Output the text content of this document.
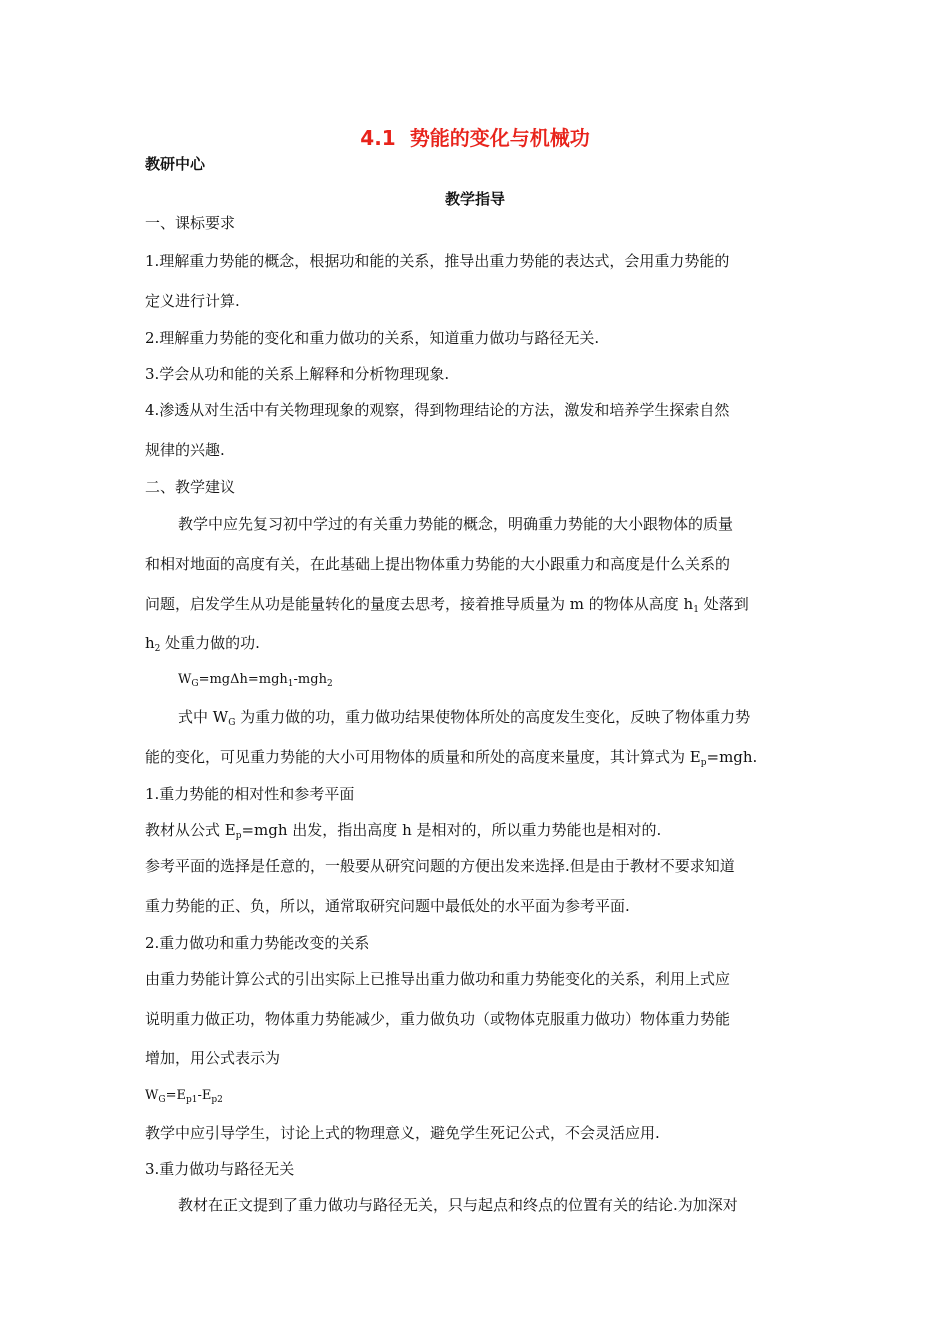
4.1 势能的变化与机械功
教研中心
教学指导
一、课标要求
1.理解重力势能的概念，根据功和能的关系，推导出重力势能的表达式，会用重力势能的
定义进行计算.
2.理解重力势能的变化和重力做功的关系，知道重力做功与路径无关.
3.学会从功和能的关系上解释和分析物理现象.
4.渗透从对生活中有关物理现象的观察，得到物理结论的方法，激发和培养学生探索自然
规律的兴趣.
二、教学建议
教学中应先复习初中学过的有关重力势能的概念，明确重力势能的大小跟物体的质量
和相对地面的高度有关，在此基础上提出物体重力势能的大小跟重力和高度是什么关系的
问题，启发学生从功是能量转化的量度去思考，接着推导质量为 m 的物体从高度 $h_1$ 处落到
$h_2$ 处重力做的功.
$W_G=mg\Delta h=mgh_1-mgh_2$
式中 $W_G$ 为重力做的功，重力做功结果使物体所处的高度发生变化，反映了物体重力势
能的变化，可见重力势能的大小可用物体的质量和所处的高度来量度，其计算式为 $E_p=mgh$.
1.重力势能的相对性和参考平面
教材从公式 $E_p=mgh$ 出发，指出高度 h 是相对的，所以重力势能也是相对的.
参考平面的选择是任意的，一般要从研究问题的方便出发来选择.但是由于教材不要求知道
重力势能的正、负，所以，通常取研究问题中最低处的水平面为参考平面.
2.重力做功和重力势能改变的关系
由重力势能计算公式的引出实际上已推导出重力做功和重力势能变化的关系，利用上式应
说明重力做正功，物体重力势能减少，重力做负功（或物体克服重力做功）物体重力势能
增加，用公式表示为
$W_G=E_{p1}-E_{p2}$
教学中应引导学生，讨论上式的物理意义，避免学生死记公式，不会灵活应用.
3.重力做功与路径无关
教材在正文提到了重力做功与路径无关，只与起点和终点的位置有关的结论.为加深对
